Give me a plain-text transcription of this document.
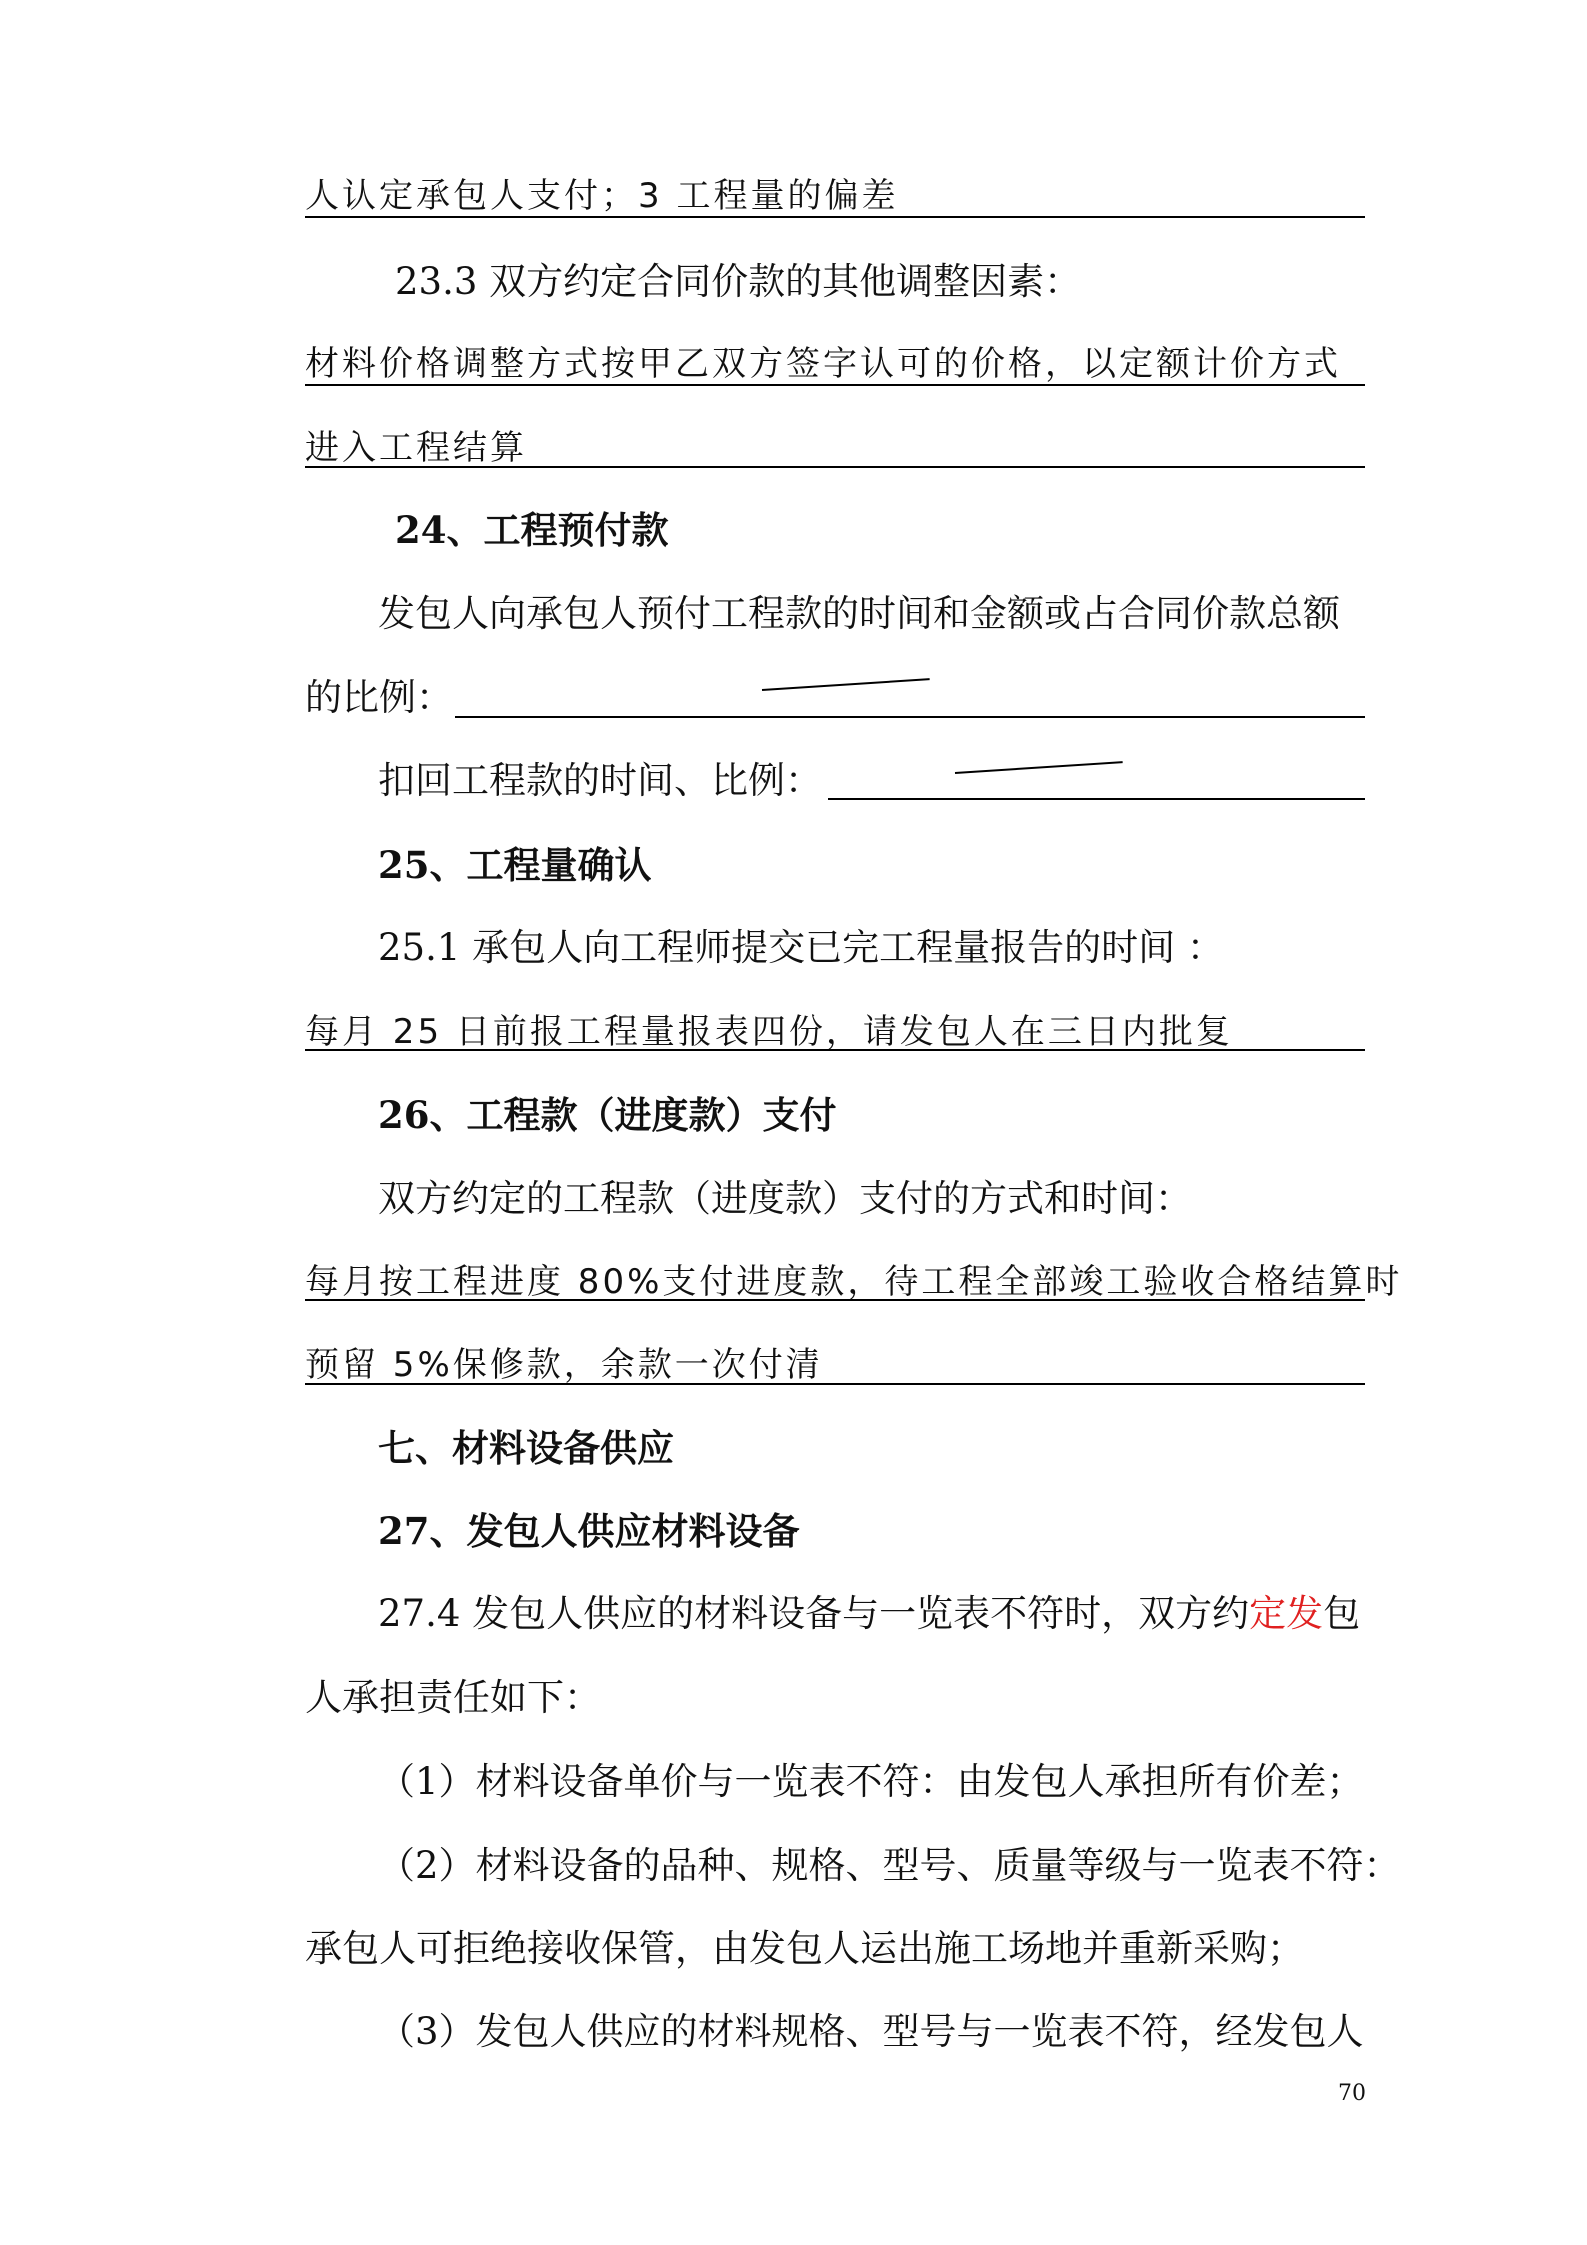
人认定承包人支付；3 工程量的偏差
23.3 双方约定合同价款的其他调整因素：
材料价格调整方式按甲乙双方签字认可的价格，以定额计价方式
进入工程结算
24、工程预付款
发包人向承包人预付工程款的时间和金额或占合同价款总额
的比例：
扣回工程款的时间、比例：
25、工程量确认
25.1 承包人向工程师提交已完工程量报告的时间 ：
每月 25 日前报工程量报表四份，请发包人在三日内批复
26、工程款（进度款）支付
双方约定的工程款（进度款）支付的方式和时间：
每月按工程进度 80%支付进度款，待工程全部竣工验收合格结算时
预留 5%保修款，余款一次付清
七、材料设备供应
27、发包人供应材料设备
27.4 发包人供应的材料设备与一览表不符时，双方约定发包
人承担责任如下：
（1）材料设备单价与一览表不符：由发包人承担所有价差；
（2）材料设备的品种、规格、型号、质量等级与一览表不符：
承包人可拒绝接收保管，由发包人运出施工场地并重新采购；
（3）发包人供应的材料规格、型号与一览表不符，经发包人
70
